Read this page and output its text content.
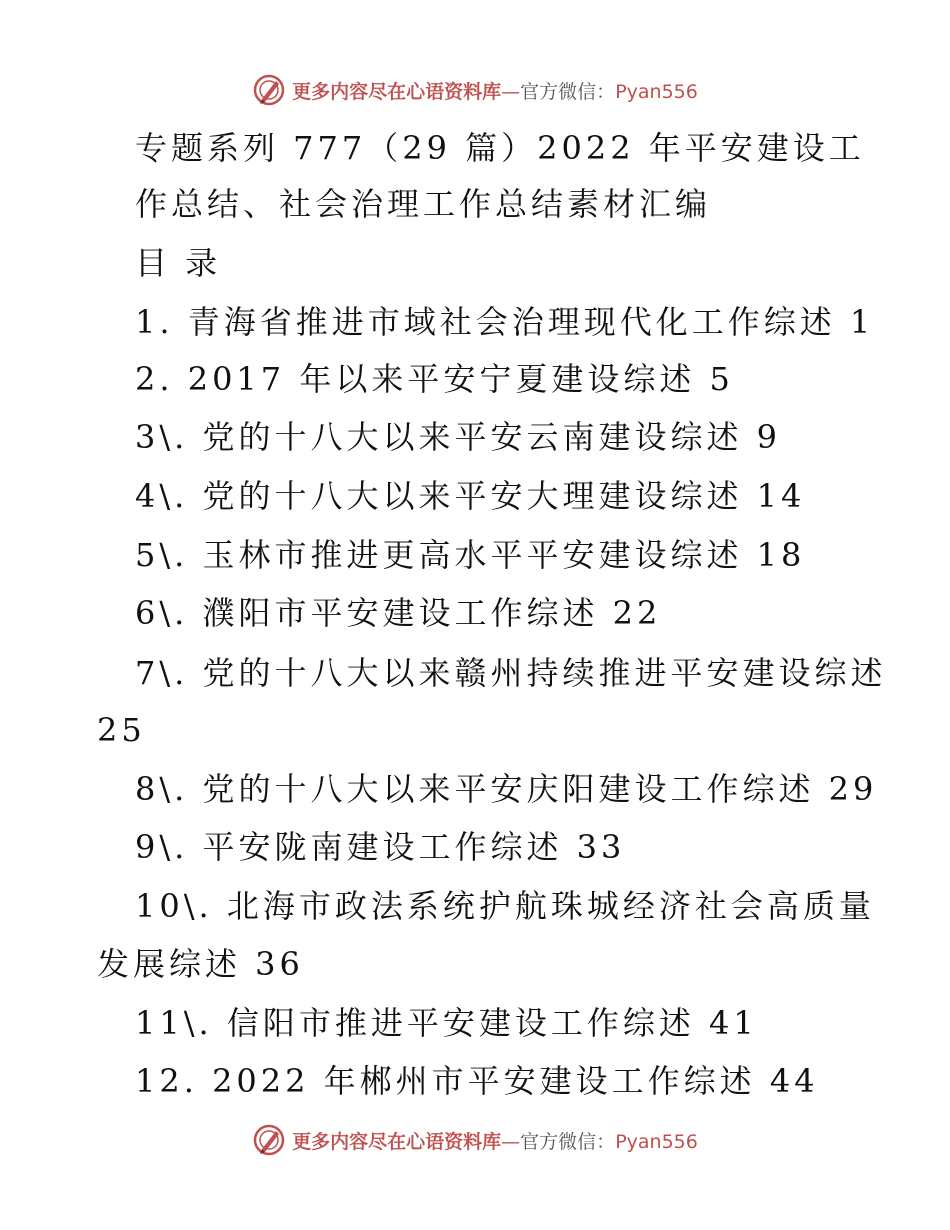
更多内容尽在心语资料库—官方微信：Pyan556
专题系列 777（29 篇）2022 年平安建设工
作总结、社会治理工作总结素材汇编
目 录
1. 青海省推进市域社会治理现代化工作综述 1
2. 2017 年以来平安宁夏建设综述 5
3\. 党的十八大以来平安云南建设综述 9
4\. 党的十八大以来平安大理建设综述 14
5\. 玉林市推进更高水平平安建设综述 18
6\. 濮阳市平安建设工作综述 22
7\. 党的十八大以来赣州持续推进平安建设综述
25
8\. 党的十八大以来平安庆阳建设工作综述 29
9\. 平安陇南建设工作综述 33
10\. 北海市政法系统护航珠城经济社会高质量
发展综述 36
11\. 信阳市推进平安建设工作综述 41
12. 2022 年郴州市平安建设工作综述 44
更多内容尽在心语资料库—官方微信：Pyan556
